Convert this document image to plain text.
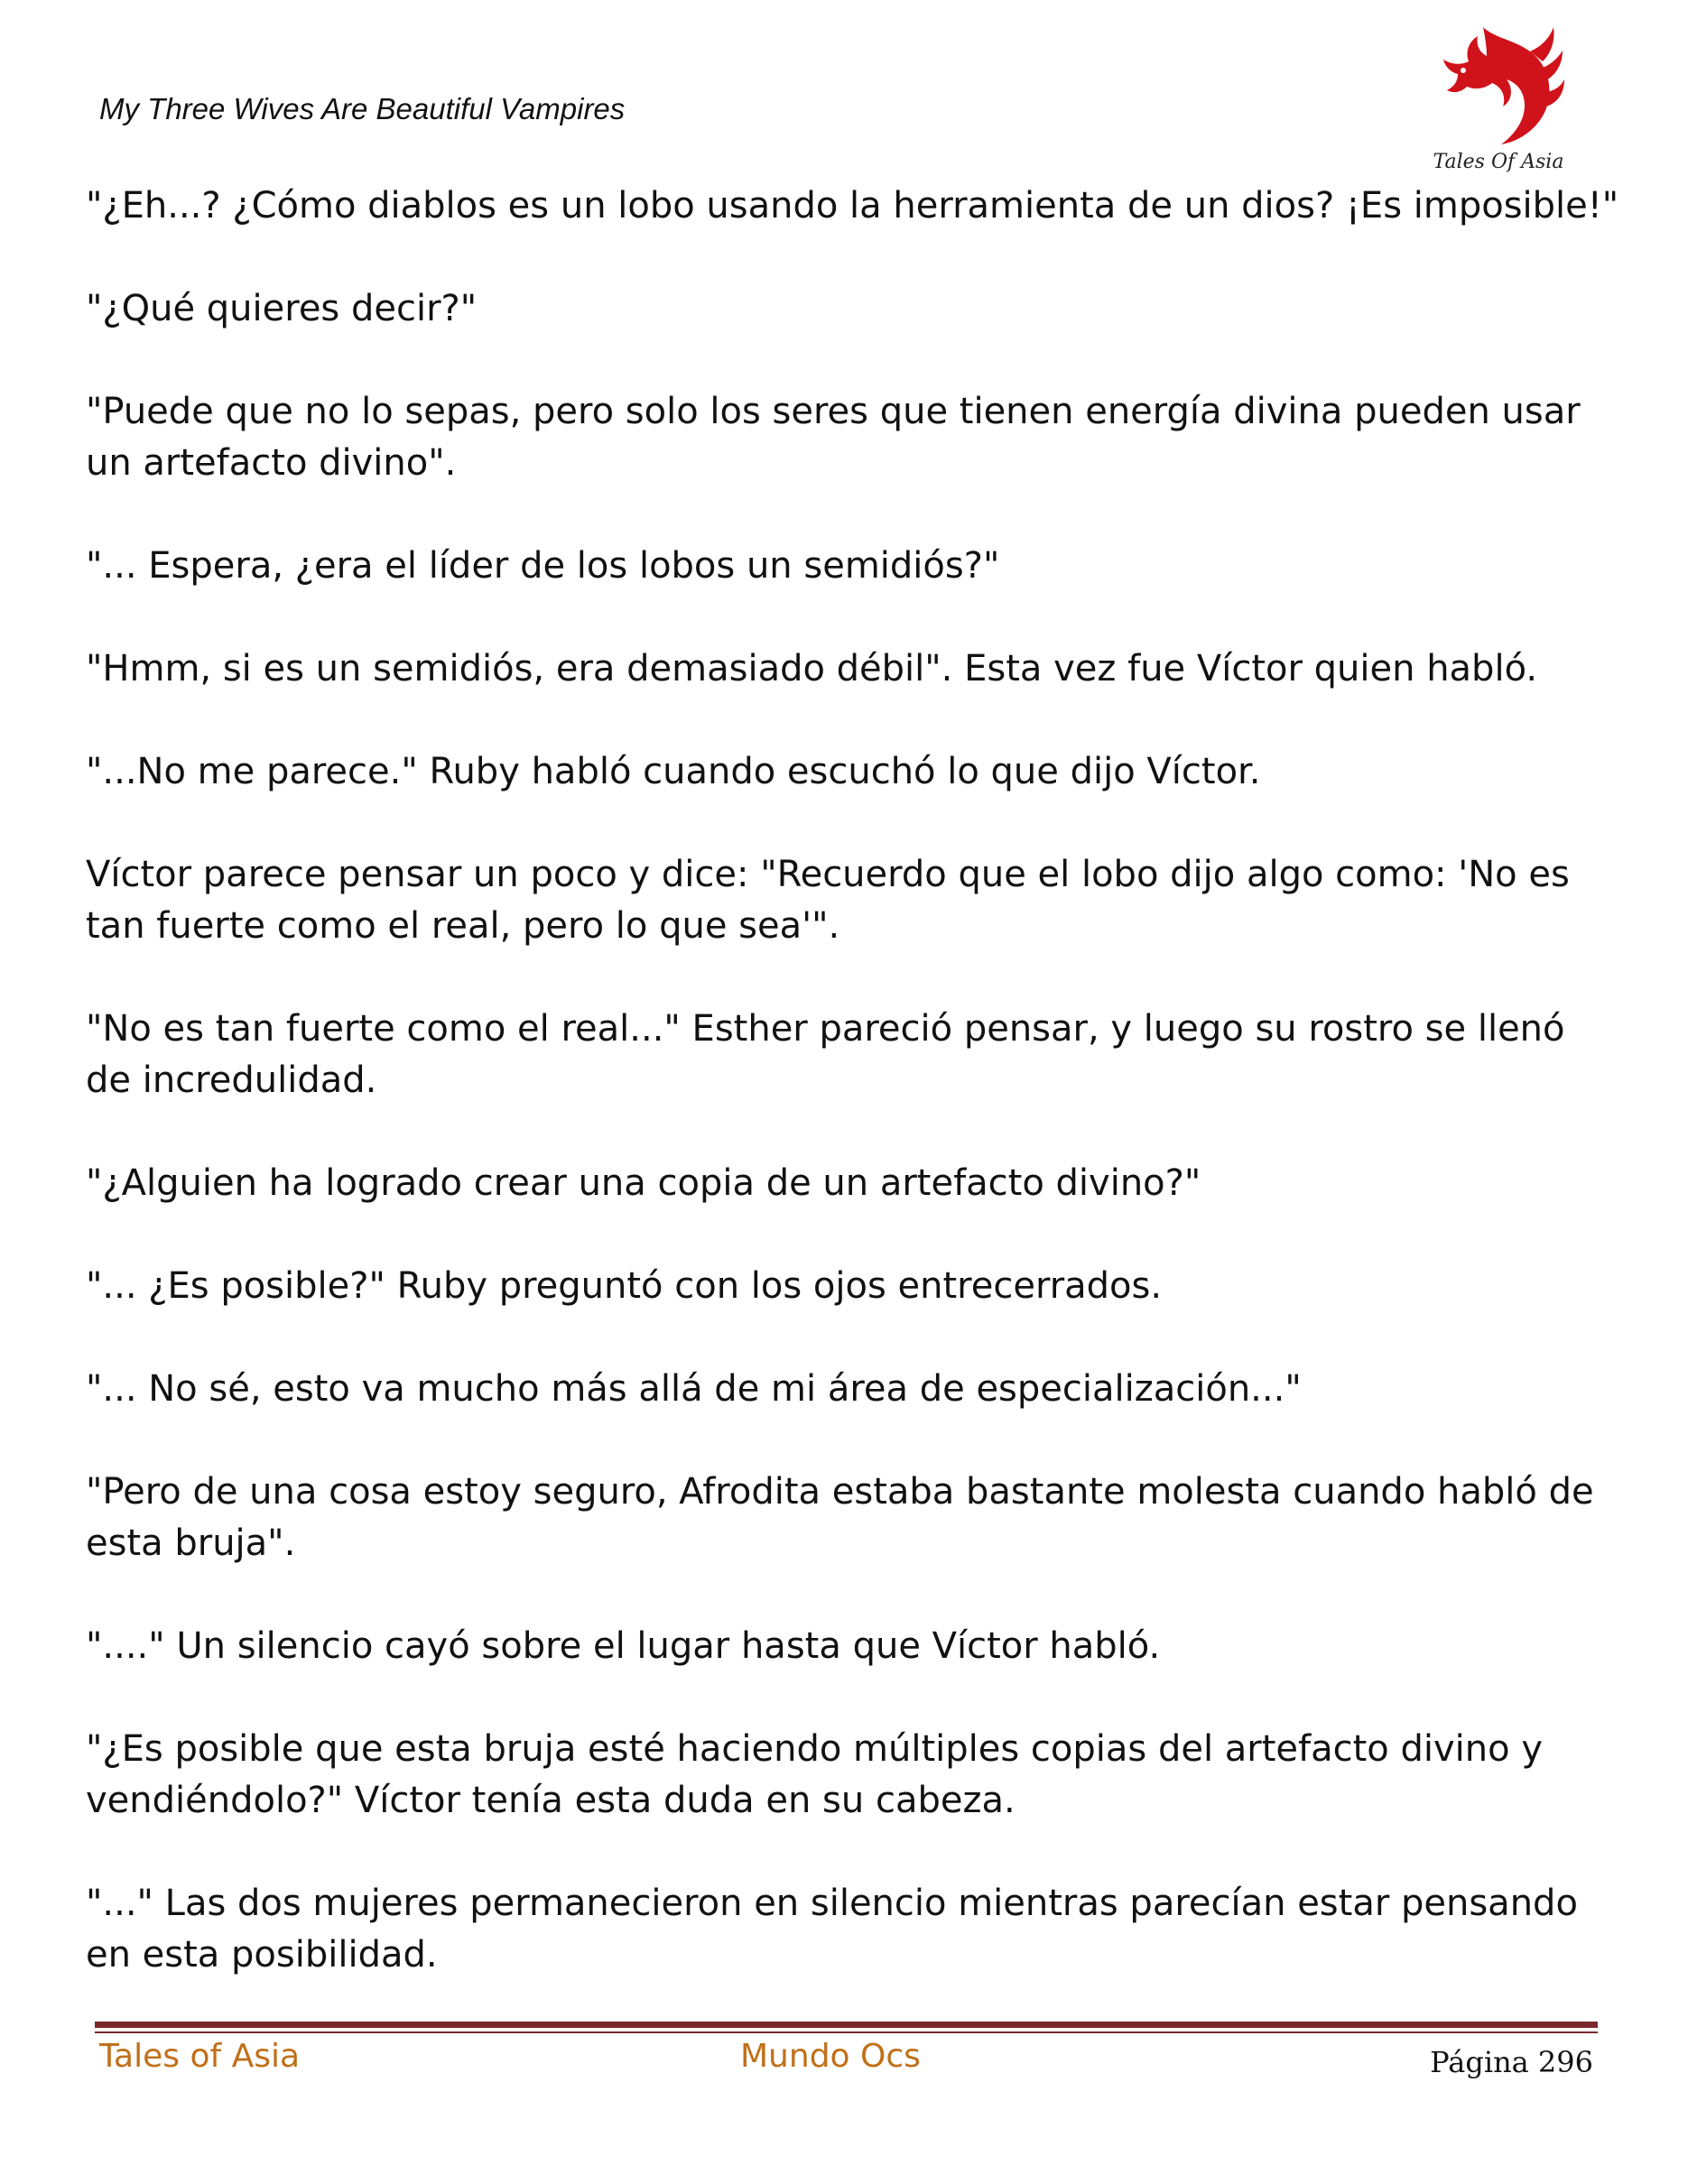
My Three Wives Are Beautiful Vampires
Tales Of Asia

"¿Eh...? ¿Cómo diablos es un lobo usando la herramienta de un dios? ¡Es imposible!"

"¿Qué quieres decir?"

"Puede que no lo sepas, pero solo los seres que tienen energía divina pueden usar un artefacto divino".

"... Espera, ¿era el líder de los lobos un semidiós?"

"Hmm, si es un semidiós, era demasiado débil". Esta vez fue Víctor quien habló.

"...No me parece." Ruby habló cuando escuchó lo que dijo Víctor.

Víctor parece pensar un poco y dice: "Recuerdo que el lobo dijo algo como: 'No es tan fuerte como el real, pero lo que sea'".

"No es tan fuerte como el real..." Esther pareció pensar, y luego su rostro se llenó de incredulidad.

"¿Alguien ha logrado crear una copia de un artefacto divino?"

"... ¿Es posible?" Ruby preguntó con los ojos entrecerrados.

"... No sé, esto va mucho más allá de mi área de especialización..."

"Pero de una cosa estoy seguro, Afrodita estaba bastante molesta cuando habló de esta bruja".

"...." Un silencio cayó sobre el lugar hasta que Víctor habló.

"¿Es posible que esta bruja esté haciendo múltiples copias del artefacto divino y vendiéndolo?" Víctor tenía esta duda en su cabeza.

"..." Las dos mujeres permanecieron en silencio mientras parecían estar pensando en esta posibilidad.

Tales of Asia	Mundo Ocs	Página 296
